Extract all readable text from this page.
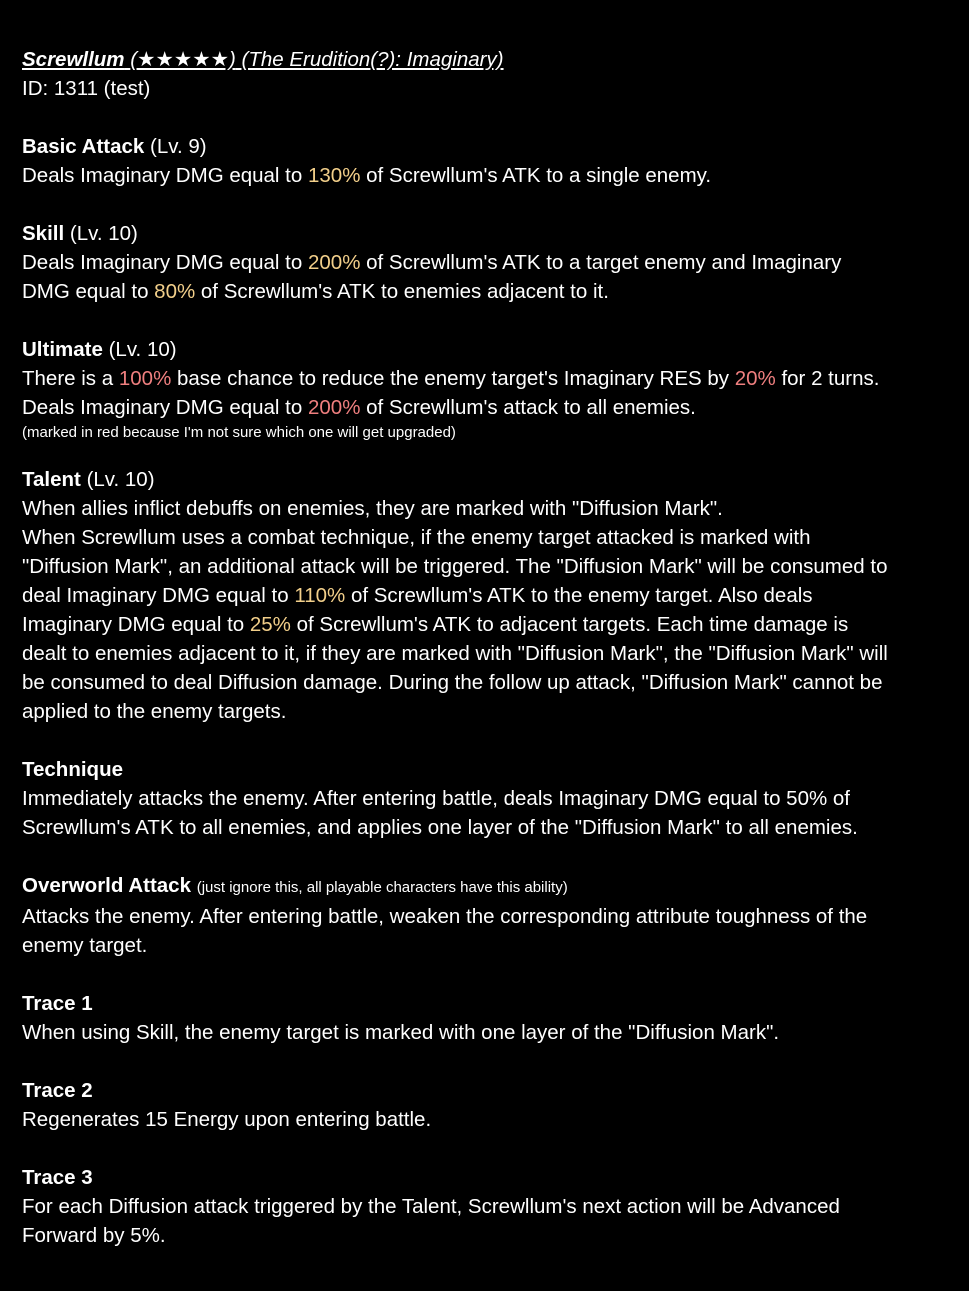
Screwllum (★★★★★) (The Erudition(?): Imaginary)
ID: 1311 (test)
Basic Attack (Lv. 9)
Deals Imaginary DMG equal to 130% of Screwllum's ATK to a single enemy.
Skill (Lv. 10)
Deals Imaginary DMG equal to 200% of Screwllum's ATK to a target enemy and Imaginary
DMG equal to 80% of Screwllum's ATK to enemies adjacent to it.
Ultimate (Lv. 10)
There is a 100% base chance to reduce the enemy target's Imaginary RES by 20% for 2 turns.
Deals Imaginary DMG equal to 200% of Screwllum's attack to all enemies.
(marked in red because I'm not sure which one will get upgraded)
Talent (Lv. 10)
When allies inflict debuffs on enemies, they are marked with "Diffusion Mark".
When Screwllum uses a combat technique, if the enemy target attacked is marked with
"Diffusion Mark", an additional attack will be triggered. The "Diffusion Mark" will be consumed to
deal Imaginary DMG equal to 110% of Screwllum's ATK to the enemy target. Also deals
Imaginary DMG equal to 25% of Screwllum's ATK to adjacent targets. Each time damage is
dealt to enemies adjacent to it, if they are marked with "Diffusion Mark", the "Diffusion Mark" will
be consumed to deal Diffusion damage. During the follow up attack, "Diffusion Mark" cannot be
applied to the enemy targets.
Technique
Immediately attacks the enemy. After entering battle, deals Imaginary DMG equal to 50% of
Screwllum's ATK to all enemies, and applies one layer of the "Diffusion Mark" to all enemies.
Overworld Attack (just ignore this, all playable characters have this ability)
Attacks the enemy. After entering battle, weaken the corresponding attribute toughness of the
enemy target.
Trace 1
When using Skill, the enemy target is marked with one layer of the "Diffusion Mark".
Trace 2
Regenerates 15 Energy upon entering battle.
Trace 3
For each Diffusion attack triggered by the Talent, Screwllum's next action will be Advanced
Forward by 5%.
